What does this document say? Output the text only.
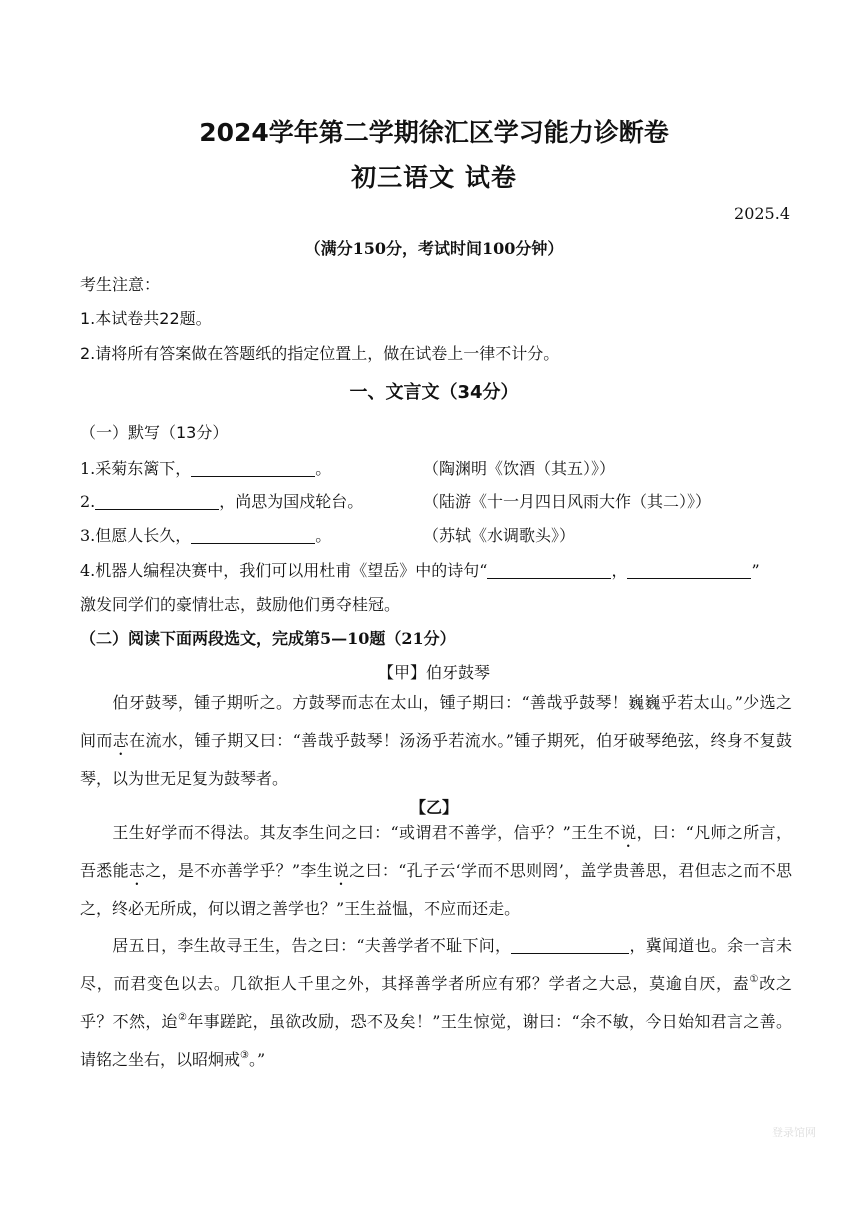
2024学年第二学期徐汇区学习能力诊断卷
初三语文 试卷
2025.4
（满分150分，考试时间100分钟）
考生注意：
1.本试卷共22题。
2.请将所有答案做在答题纸的指定位置上，做在试卷上一律不计分。
一、文言文（34分）
（一）默写（13分）
1.采菊东篱下，	。	（陶渊明《饮酒（其五）》）
2.	，尚思为国戍轮台。	（陆游《十一月四日风雨大作（其二）》）
3.但愿人长久，	。	（苏轼《水调歌头》）
4.机器人编程决赛中，我们可以用杜甫《望岳》中的诗句“	，	”
激发同学们的豪情壮志，鼓励他们勇夺桂冠。
（二）阅读下面两段选文，完成第5—10题（21分）
【甲】伯牙鼓琴
伯牙鼓琴，锺子期听之。方鼓琴而志在太山，锺子期曰：“善哉乎鼓琴！巍巍乎若太山。”少选之间而志在流水，锺子期又曰：“善哉乎鼓琴！汤汤乎若流水。”锺子期死，伯牙破琴绝弦，终身不复鼓琴，以为世无足复为鼓琴者。
【乙】
王生好学而不得法。其友李生问之曰：“或谓君不善学，信乎？”王生不说，曰：“凡师之所言，吾悉能志之，是不亦善学乎？”李生说之曰：“孔子云‘学而不思则罔’，盖学贵善思，君但志之而不思之，终必无所成，何以谓之善学也？”王生益愠，不应而还走。
居五日，李生故寻王生，告之曰：“夫善学者不耻下问，	，冀闻道也。余一言未尽，而君变色以去。几欲拒人千里之外，其择善学者所应有邪？学者之大忌，莫逾自厌，盍①改之乎？不然，迨②年事蹉跎，虽欲改励，恐不及矣！”王生惊觉，谢曰：“余不敏，今日始知君言之善。请铭之坐右，以昭炯戒③。”
登录馆网
